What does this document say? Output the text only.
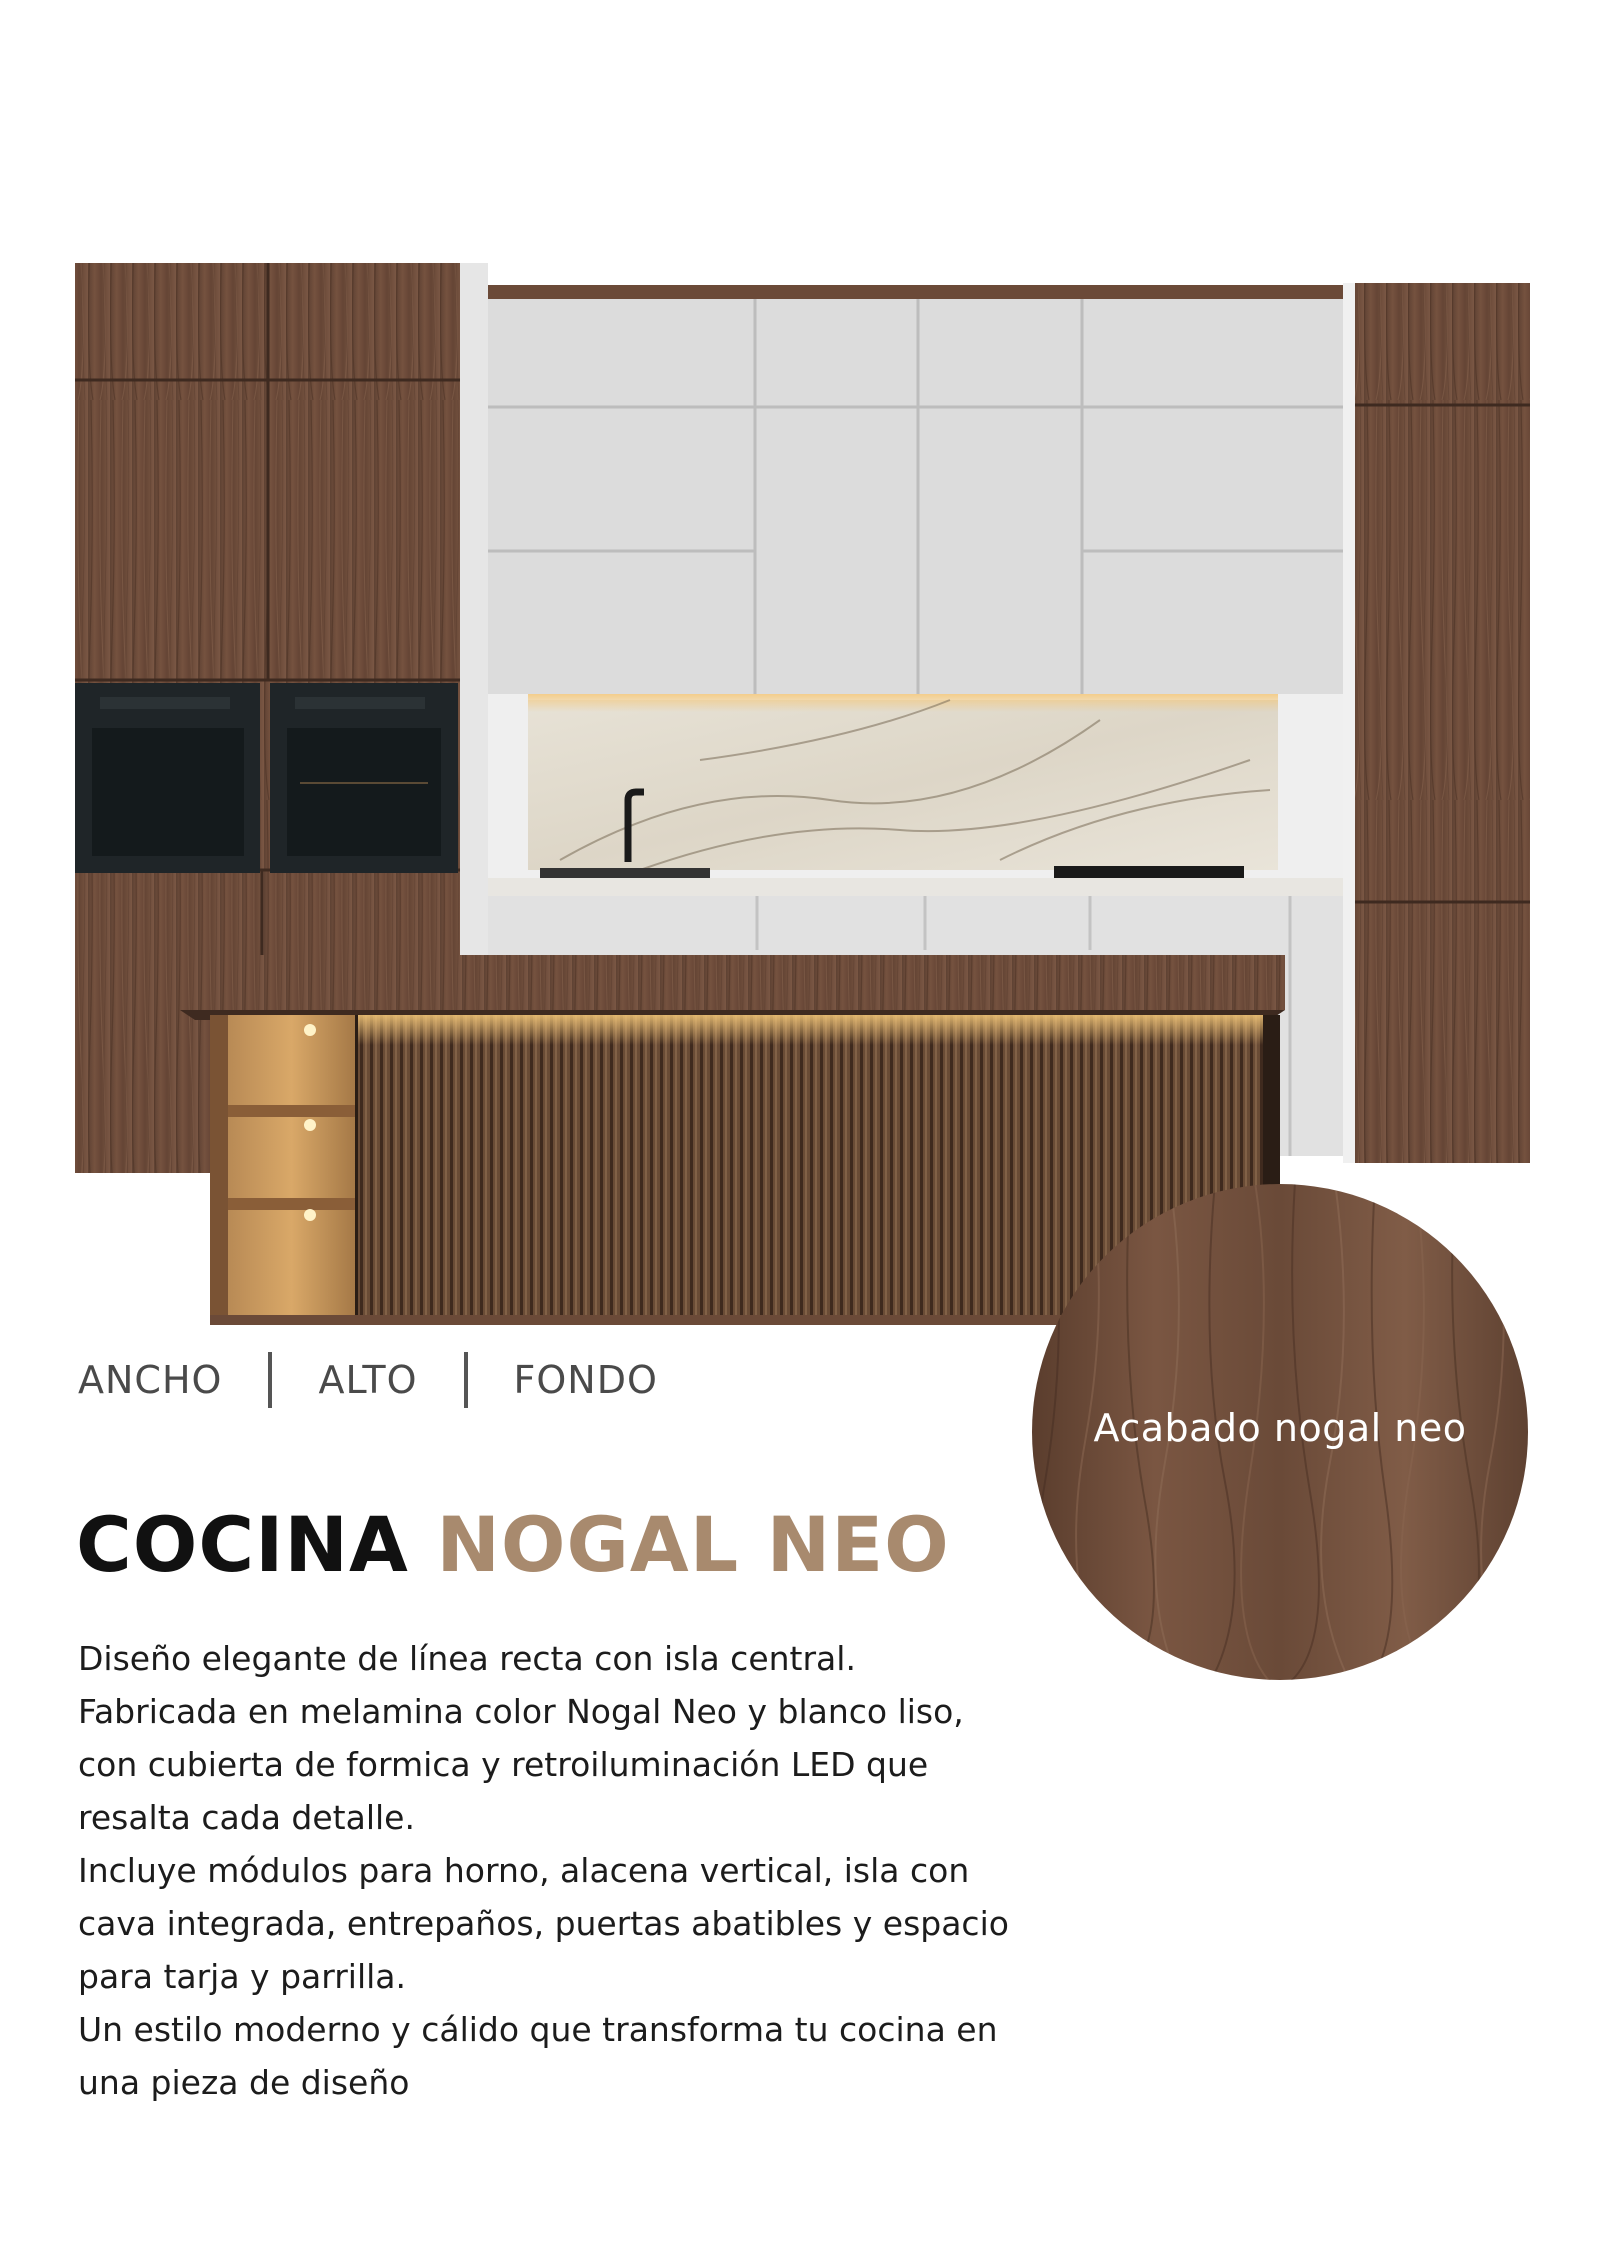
ANCHO	ALTO	FONDO
COCINA NOGAL NEO

Diseño elegante de línea recta con isla central.

Fabricada en melamina color Nogal Neo y blanco liso,

con cubierta de formica y retroiluminación LED que

resalta cada detalle.

Incluye módulos para horno, alacena vertical, isla con

cava integrada, entrepaños, puertas abatibles y espacio

para tarja y parrilla.

Un estilo moderno y cálido que transforma tu cocina en

una pieza de diseño

Acabado nogal neo
